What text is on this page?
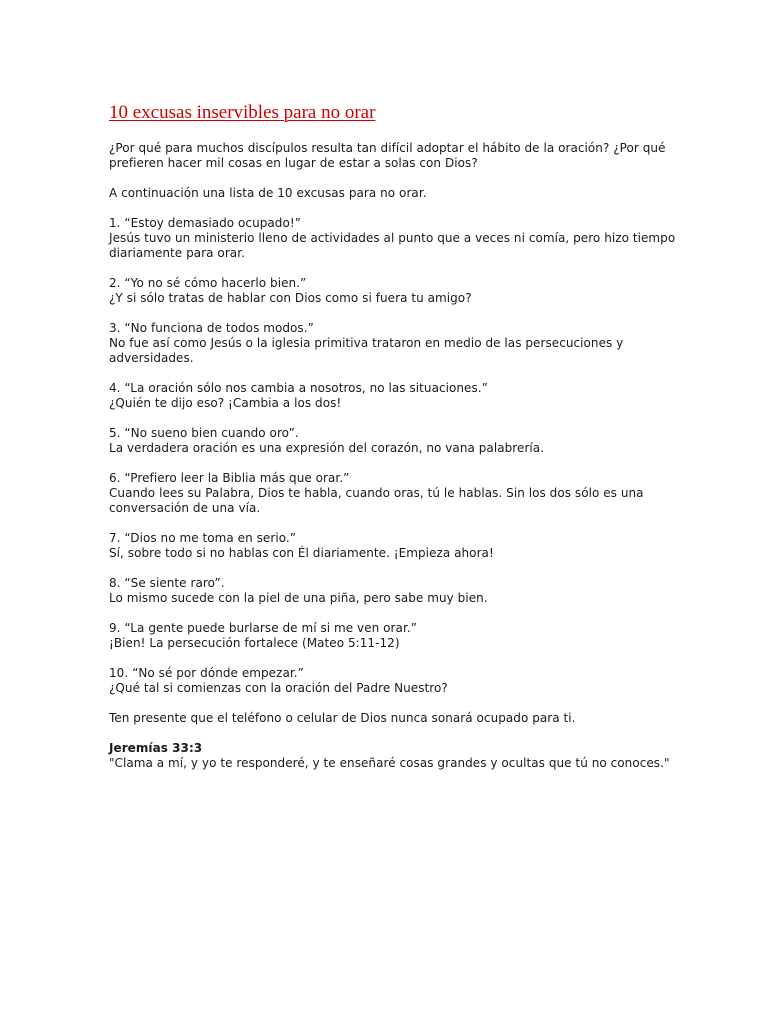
10 excusas inservibles para no orar

¿Por qué para muchos discípulos resulta tan difícil adoptar el hábito de la oración? ¿Por qué
prefieren hacer mil cosas en lugar de estar a solas con Dios?

A continuación una lista de 10 excusas para no orar.

1. “Estoy demasiado ocupado!”
Jesús tuvo un ministerio lleno de actividades al punto que a veces ni comía, pero hizo tiempo
diariamente para orar.

2. “Yo no sé cómo hacerlo bien.”
¿Y si sólo tratas de hablar con Dios como si fuera tu amigo?

3. “No funciona de todos modos.”
No fue así como Jesús o la iglesia primitiva trataron en medio de las persecuciones y
adversidades.

4. “La oración sólo nos cambia a nosotros, no las situaciones.”
¿Quién te dijo eso? ¡Cambia a los dos!

5. “No sueno bien cuando oro”.
La verdadera oración es una expresión del corazón, no vana palabrería.

6. “Prefiero leer la Biblia más que orar.”
Cuando lees su Palabra, Dios te habla, cuando oras, tú le hablas. Sin los dos sólo es una
conversación de una vía.

7. “Dios no me toma en serio.”
Sí, sobre todo si no hablas con Él diariamente. ¡Empieza ahora!

8. “Se siente raro”.
Lo mismo sucede con la piel de una piña, pero sabe muy bien.

9. “La gente puede burlarse de mí si me ven orar.”
¡Bien! La persecución fortalece (Mateo 5:11-12)

10. “No sé por dónde empezar.”
¿Qué tal si comienzas con la oración del Padre Nuestro?

Ten presente que el teléfono o celular de Dios nunca sonará ocupado para ti.

Jeremías 33:3
"Clama a mí, y yo te responderé, y te enseñaré cosas grandes y ocultas que tú no conoces."
